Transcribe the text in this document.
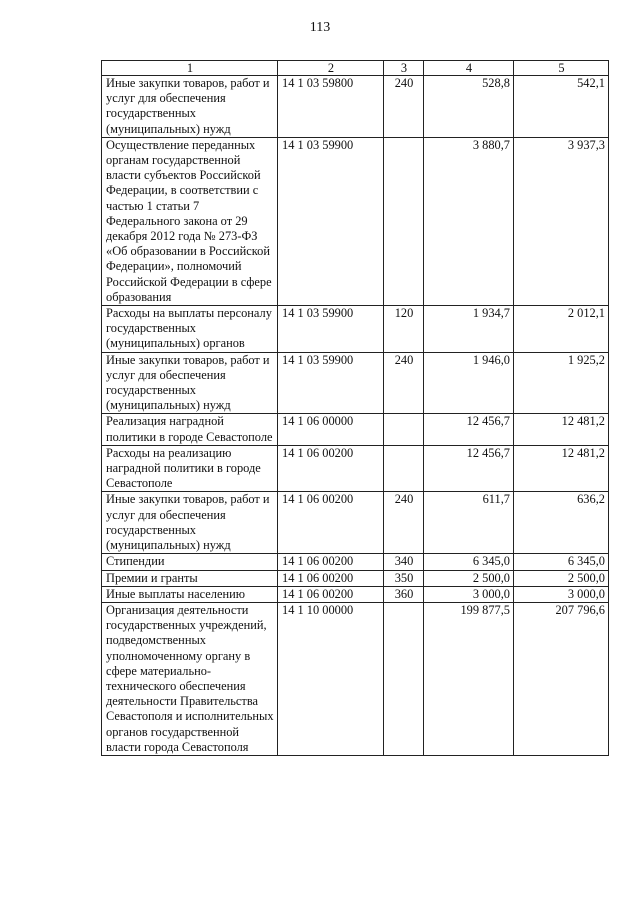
113
1	2	3	4	5
Иные закупки товаров, работ и услуг для обеспечения государственных (муниципальных) нужд	14 1 03 59800	240	528,8	542,1
Осуществление переданных органам государственной власти субъектов Российской Федерации, в соответствии с частью 1 статьи 7 Федерального закона от 29 декабря 2012 года № 273-ФЗ «Об образовании в Российской Федерации», полномочий Российской Федерации в сфере образования	14 1 03 59900		3 880,7	3 937,3
Расходы на выплаты персоналу государственных (муниципальных) органов	14 1 03 59900	120	1 934,7	2 012,1
Иные закупки товаров, работ и услуг для обеспечения государственных (муниципальных) нужд	14 1 03 59900	240	1 946,0	1 925,2
Реализация наградной политики в городе Севастополе	14 1 06 00000		12 456,7	12 481,2
Расходы на реализацию наградной политики в городе Севастополе	14 1 06 00200		12 456,7	12 481,2
Иные закупки товаров, работ и услуг для обеспечения государственных (муниципальных) нужд	14 1 06 00200	240	611,7	636,2
Стипендии	14 1 06 00200	340	6 345,0	6 345,0
Премии и гранты	14 1 06 00200	350	2 500,0	2 500,0
Иные выплаты населению	14 1 06 00200	360	3 000,0	3 000,0
Организация деятельности государственных учреждений, подведомственных уполномоченному органу в сфере материально-технического обеспечения деятельности Правительства Севастополя и исполнительных органов государственной власти города Севастополя	14 1 10 00000		199 877,5	207 796,6
